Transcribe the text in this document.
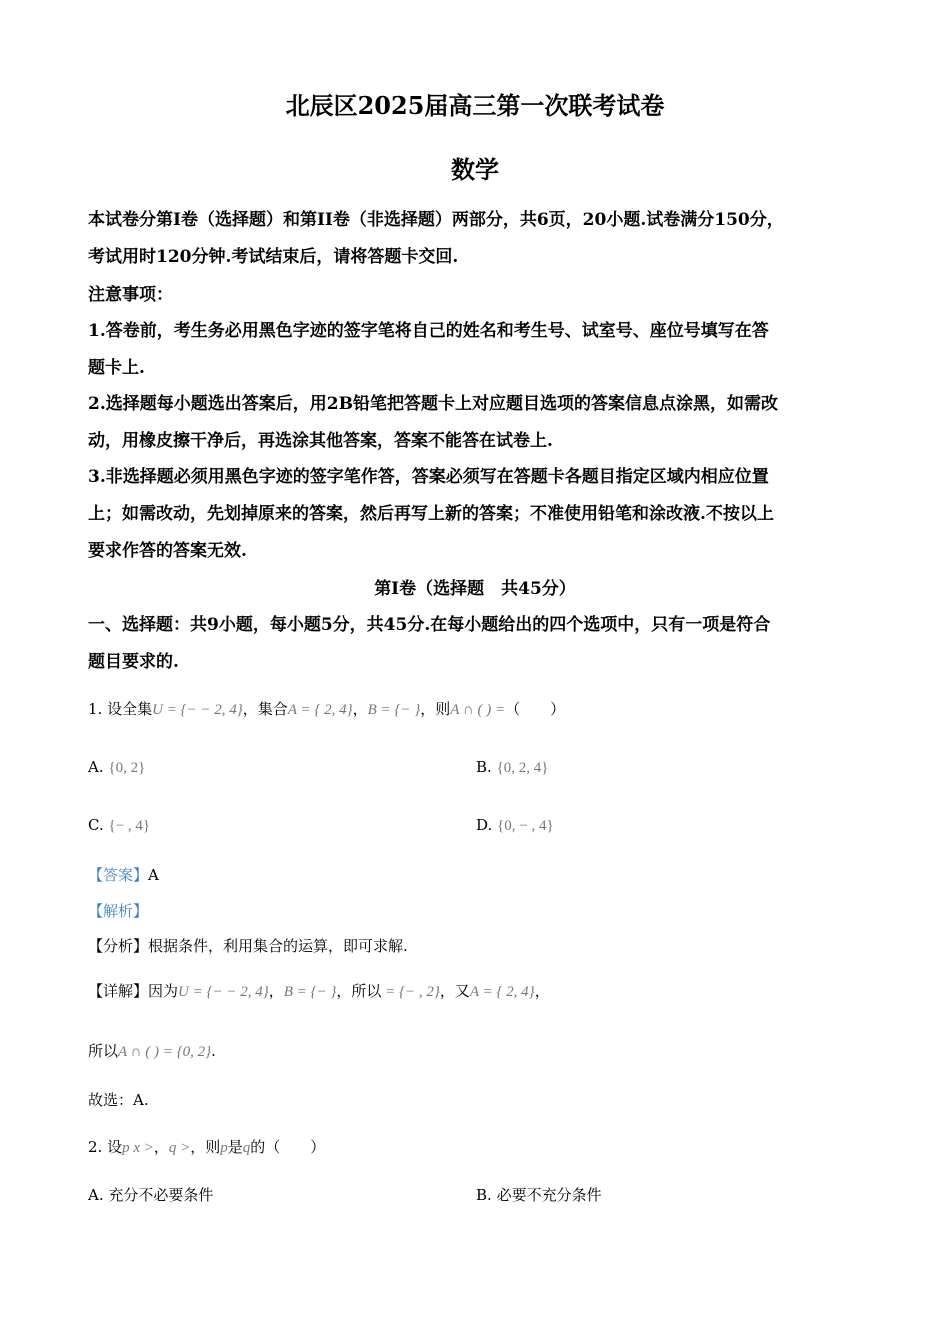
北辰区2025届高三第一次联考试卷
数学
本试卷分第I卷（选择题）和第II卷（非选择题）两部分，共6页，20小题.试卷满分150分，
考试用时120分钟.考试结束后，请将答题卡交回.
注意事项：
1.答卷前，考生务必用黑色字迹的签字笔将自己的姓名和考生号、试室号、座位号填写在答
题卡上.
2.选择题每小题选出答案后，用2B铅笔把答题卡上对应题目选项的答案信息点涂黑，如需改
动，用橡皮擦干净后，再选涂其他答案，答案不能答在试卷上.
3.非选择题必须用黑色字迹的签字笔作答，答案必须写在答题卡各题目指定区域内相应位置
上；如需改动，先划掉原来的答案，然后再写上新的答案；不准使用铅笔和涂改液.不按以上
要求作答的答案无效.
第I卷（选择题　共45分）
一、选择题：共9小题，每小题5分，共45分.在每小题给出的四个选项中，只有一项是符合
题目要求的.
1. 设全集U = {− − 2, 4}，集合A = { 2, 4}，B = {− }，则A ∩ ( ) =（　　）
A. {0, 2}	B. {0, 2, 4}
C. {− , 4}	D. {0, − , 4}
【答案】A
【解析】
【分析】根据条件，利用集合的运算，即可求解.
【详解】因为U = {− − 2, 4}，B = {− }，所以 = {− , 2}，又A = { 2, 4}，
所以A ∩ ( ) = {0, 2}.
故选：A.
2. 设p x >，q >，则p是q的（　　）
A. 充分不必要条件	B. 必要不充分条件
